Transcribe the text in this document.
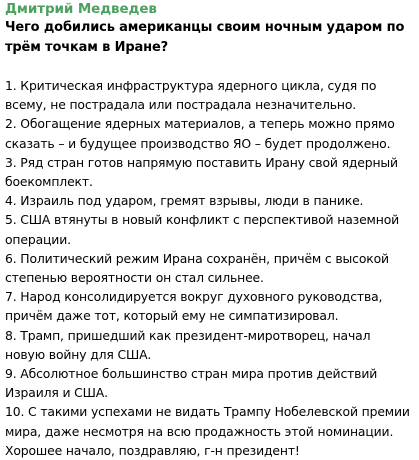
Дмитрий Медведев
Чего добились американцы своим ночным ударом по трём точкам в Иране?
1. Критическая инфраструктура ядерного цикла, судя по всему, не пострадала или пострадала незначительно.
2. Обогащение ядерных материалов, а теперь можно прямо сказать – и будущее производство ЯО – будет продолжено.
3. Ряд стран готов напрямую поставить Ирану свой ядерный боекомплект.
4. Израиль под ударом, гремят взрывы, люди в панике.
5. США втянуты в новый конфликт с перспективой наземной операции.
6. Политический режим Ирана сохранён, причём с высокой степенью вероятности он стал сильнее.
7. Народ консолидируется вокруг духовного руководства, причём даже тот, который ему не симпатизировал.
8. Трамп, пришедший как президент-миротворец, начал новую войну для США.
9. Абсолютное большинство стран мира против действий Израиля и США.
10. С такими успехами не видать Трампу Нобелевской премии мира, даже несмотря на всю продажность этой номинации.
Хорошее начало, поздравляю, г-н президент!
